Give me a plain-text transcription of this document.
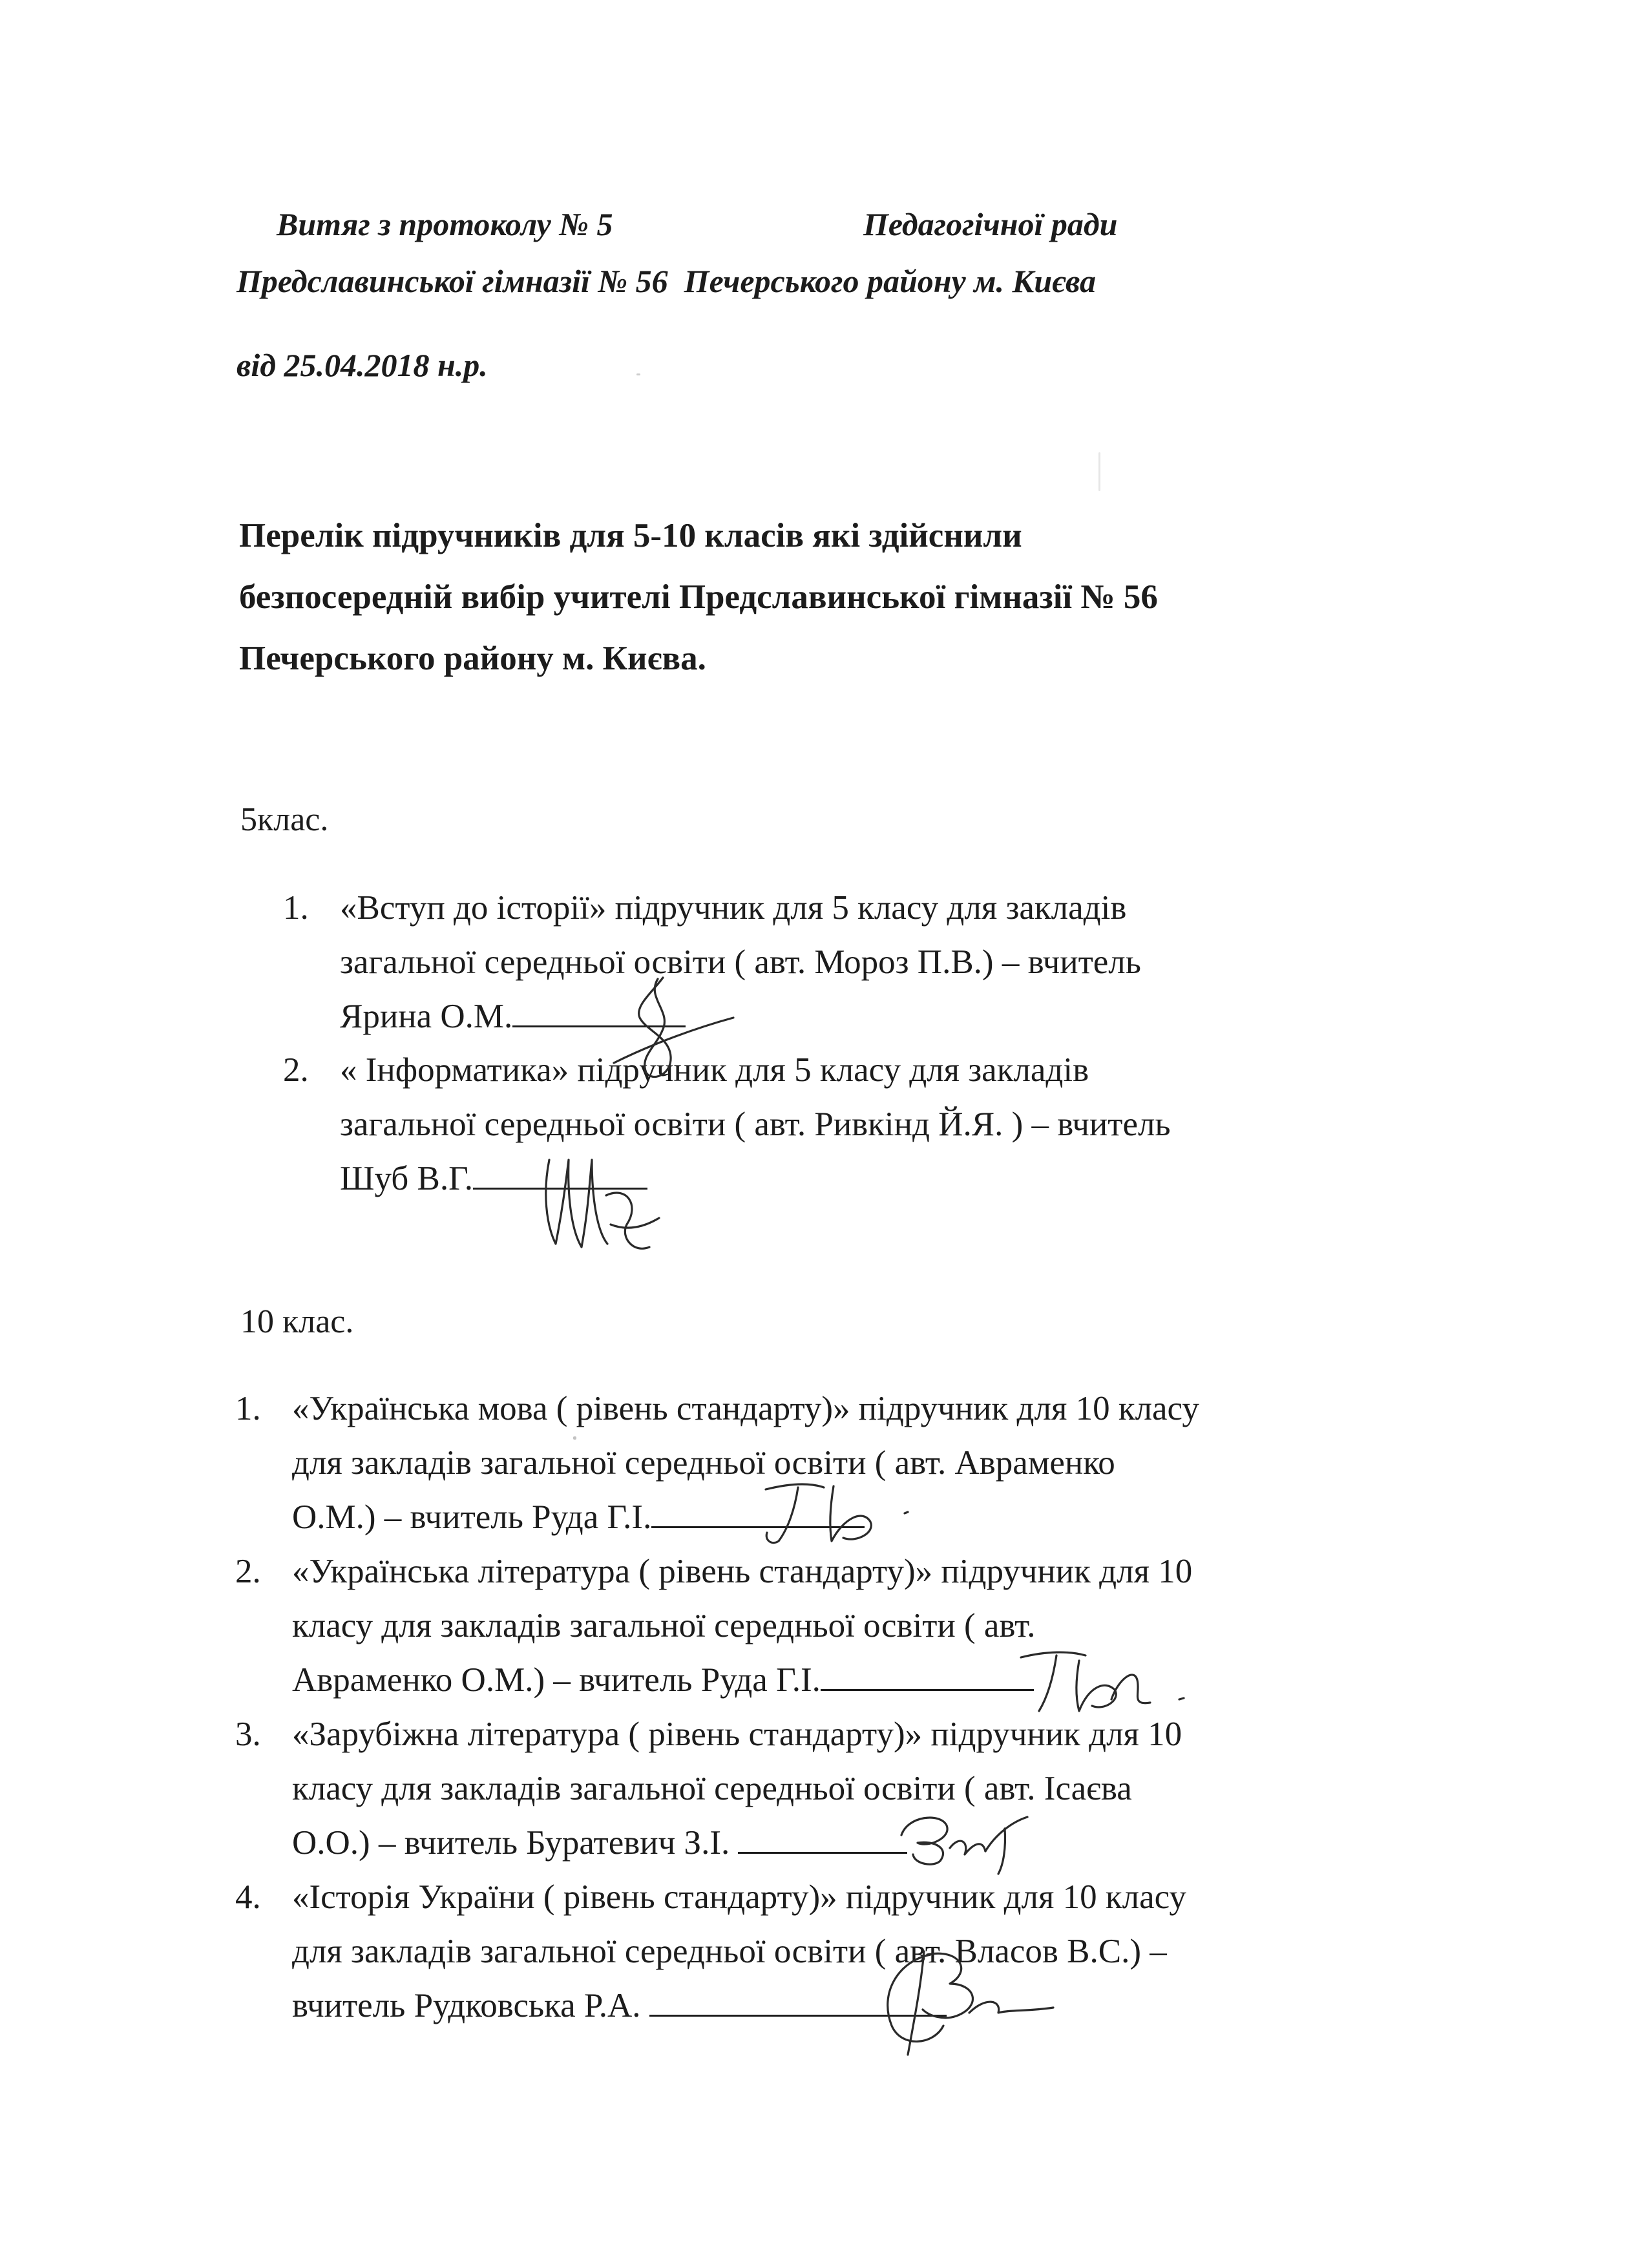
Витяг з протоколу № 5	Педагогічної ради
Предславинської гімназії № 56  Печерського району м. Києва
від 25.04.2018 н.р.
Перелік підручників для 5-10 класів які здійснили
безпосередній вибір учителі Предславинської гімназії № 56
Печерського району м. Києва.
5клас.
1. «Вступ до історії» підручник для 5 класу для закладів
загальної середньої освіти ( авт. Мороз П.В.) – вчитель
Ярина О.М.
2. « Інформатика» підручник для 5 класу для закладів
загальної середньої освіти ( авт. Ривкінд Й.Я. ) – вчитель
Шуб В.Г.
10 клас.
1. «Українська мова ( рівень стандарту)» підручник для 10 класу
для закладів загальної середньої освіти ( авт. Авраменко
О.М.) – вчитель Руда Г.І.
2. «Українська література ( рівень стандарту)» підручник для 10
класу для закладів загальної середньої освіти ( авт.
Авраменко О.М.) – вчитель Руда Г.І.
3. «Зарубіжна література ( рівень стандарту)» підручник для 10
класу для закладів загальної середньої освіти ( авт. Ісаєва
О.О.) – вчитель Буратевич З.І.
4. «Історія України ( рівень стандарту)» підручник для 10 класу
для закладів загальної середньої освіти ( авт. Власов В.С.) –
вчитель Рудковська Р.А.
